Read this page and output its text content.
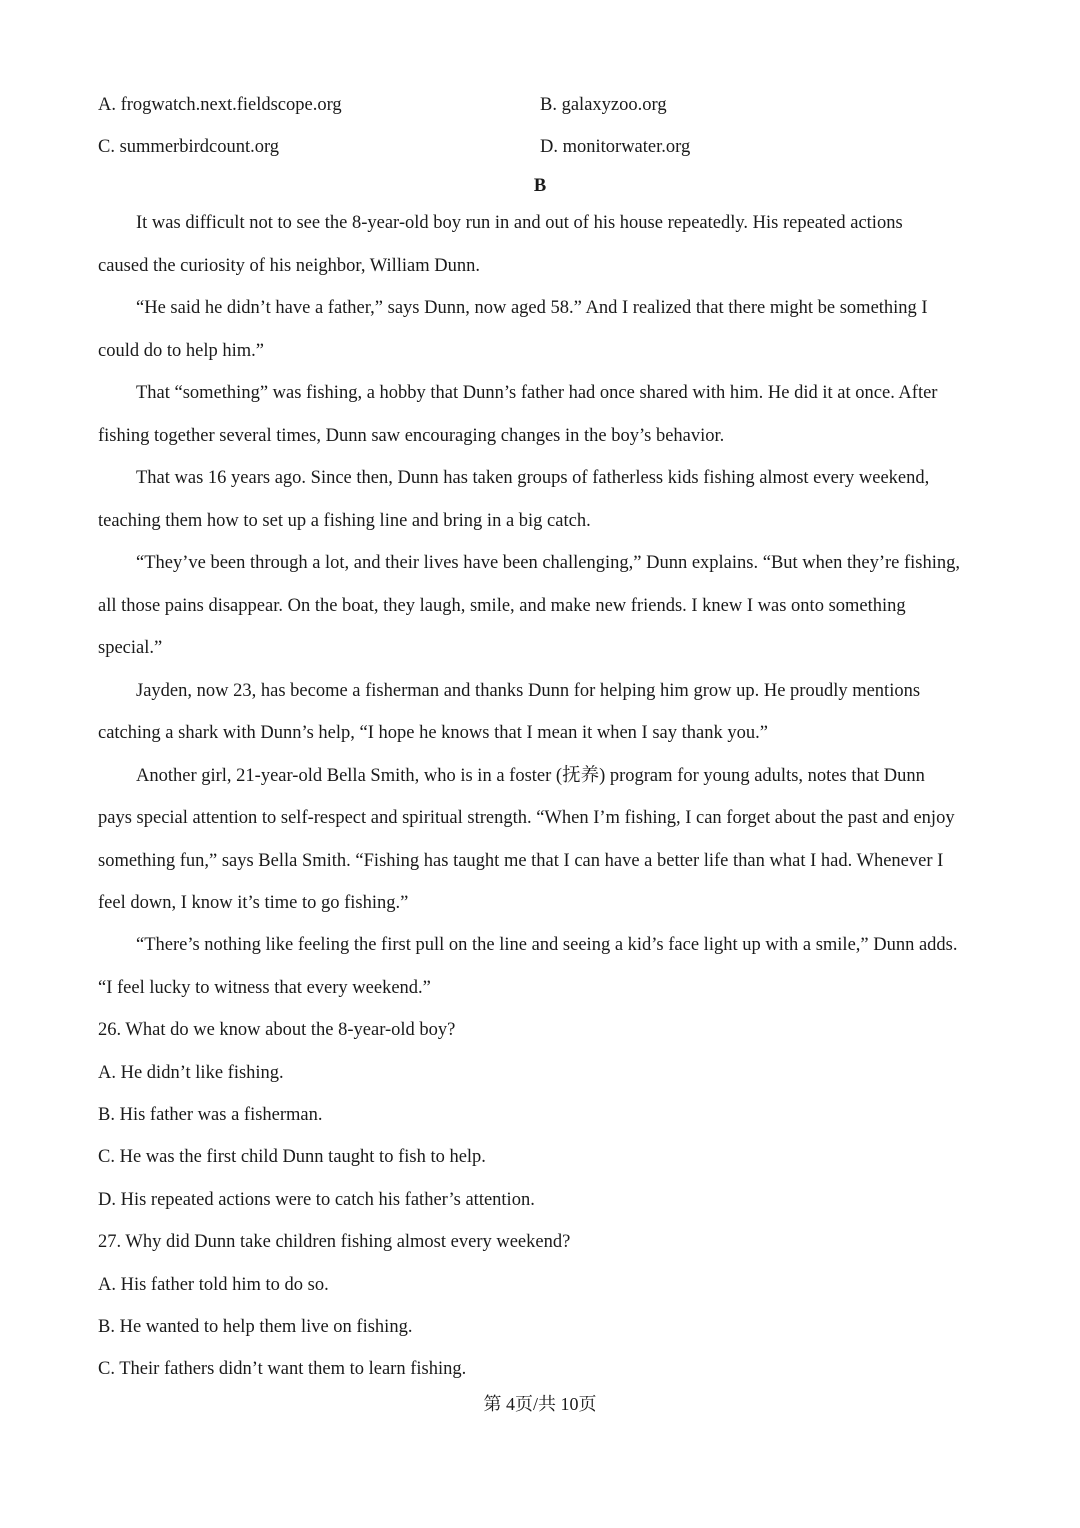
A. frogwatch.next.fieldscope.org	B. galaxyzoo.org
C. summerbirdcount.org	D. monitorwater.org
B
It was difficult not to see the 8-year-old boy run in and out of his house repeatedly. His repeated actions
caused the curiosity of his neighbor, William Dunn.
“He said he didn’t have a father,” says Dunn, now aged 58.” And I realized that there might be something I
could do to help him.”
That “something” was fishing, a hobby that Dunn’s father had once shared with him. He did it at once. After
fishing together several times, Dunn saw encouraging changes in the boy’s behavior.
That was 16 years ago. Since then, Dunn has taken groups of fatherless kids fishing almost every weekend,
teaching them how to set up a fishing line and bring in a big catch.
“They’ve been through a lot, and their lives have been challenging,” Dunn explains. “But when they’re fishing,
all those pains disappear. On the boat, they laugh, smile, and make new friends. I knew I was onto something
special.”
Jayden, now 23, has become a fisherman and thanks Dunn for helping him grow up. He proudly mentions
catching a shark with Dunn’s help, “I hope he knows that I mean it when I say thank you.”
Another girl, 21-year-old Bella Smith, who is in a foster (抚养) program for young adults, notes that Dunn
pays special attention to self-respect and spiritual strength. “When I’m fishing, I can forget about the past and enjoy
something fun,” says Bella Smith. “Fishing has taught me that I can have a better life than what I had. Whenever I
feel down, I know it’s time to go fishing.”
“There’s nothing like feeling the first pull on the line and seeing a kid’s face light up with a smile,” Dunn adds.
“I feel lucky to witness that every weekend.”
26. What do we know about the 8-year-old boy?
A. He didn’t like fishing.
B. His father was a fisherman.
C. He was the first child Dunn taught to fish to help.
D. His repeated actions were to catch his father’s attention.
27. Why did Dunn take children fishing almost every weekend?
A. His father told him to do so.
B. He wanted to help them live on fishing.
C. Their fathers didn’t want them to learn fishing.
第 4页/共 10页
